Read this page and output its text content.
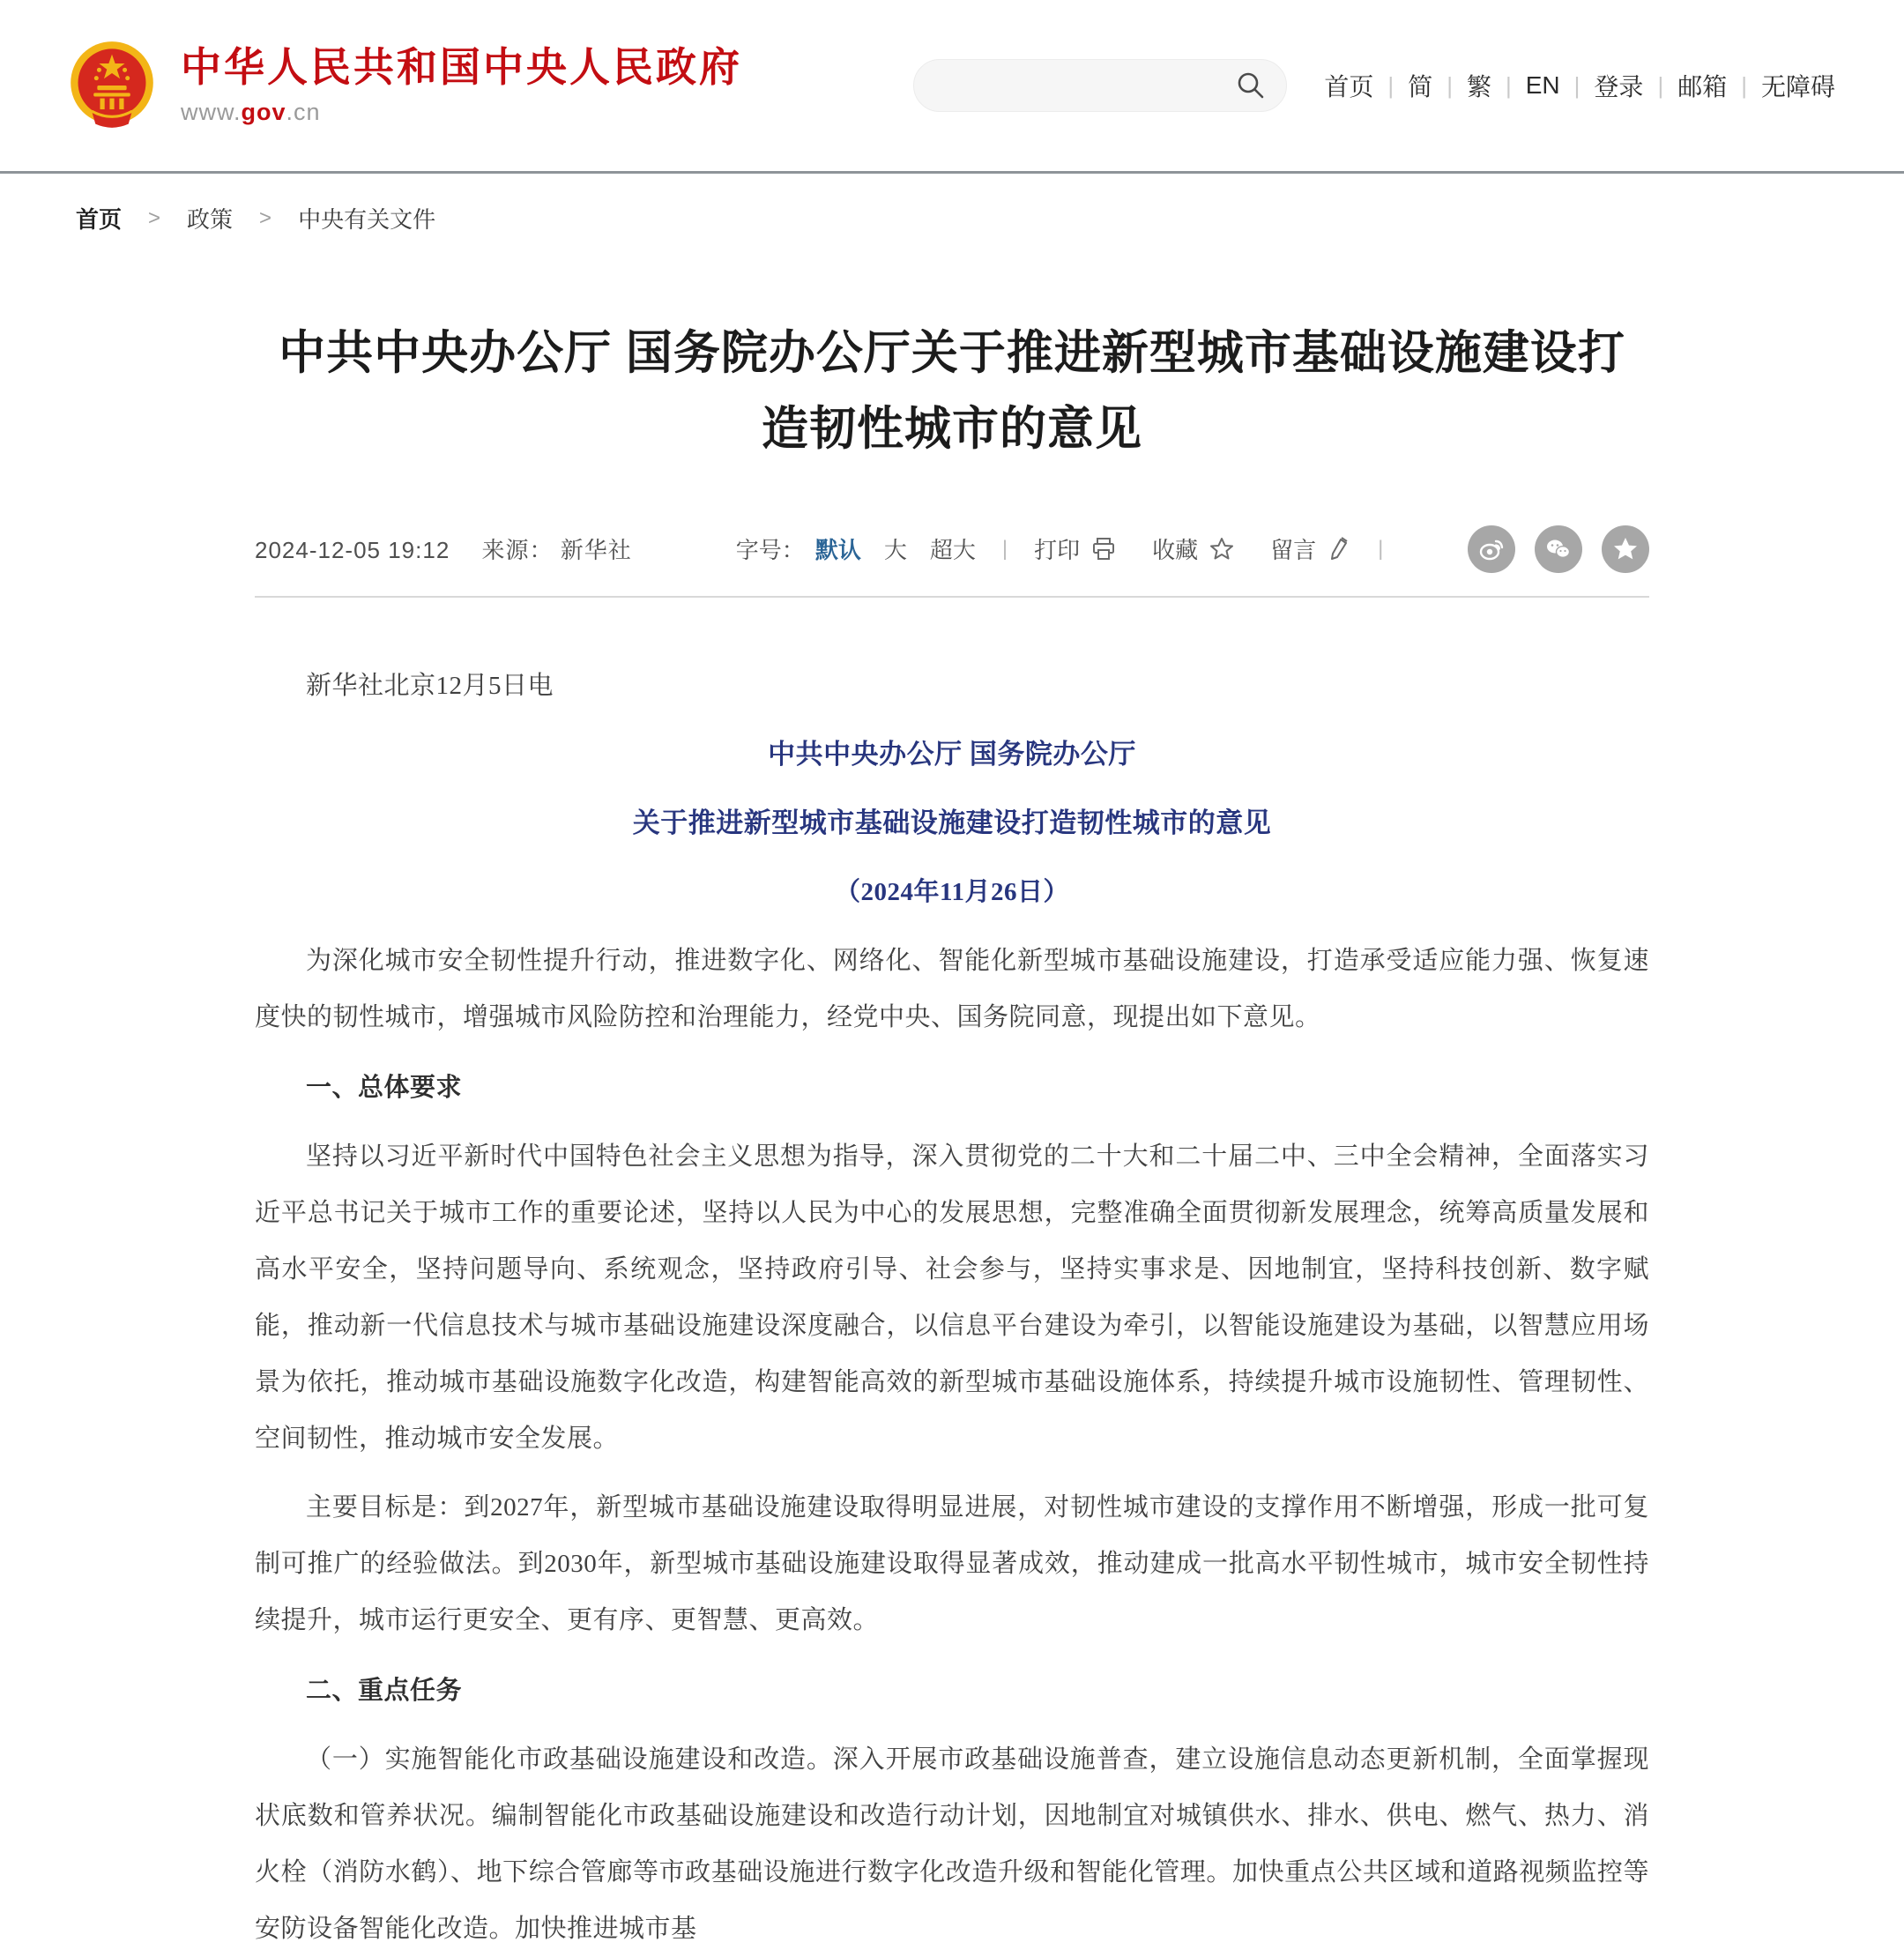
中华人民共和国中央人民政府
www.gov.cn
首页 | 简 | 繁 | EN | 登录 | 邮箱 | 无障碍
首页 > 政策 > 中央有关文件
中共中央办公厅 国务院办公厅关于推进新型城市基础设施建设打造韧性城市的意见
2024-12-05 19:12 来源： 新华社	字号： 默认 大 超大 | 打印	收藏	留言	|

新华社北京12月5日电

中共中央办公厅 国务院办公厅

关于推进新型城市基础设施建设打造韧性城市的意见

（2024年11月26日）

为深化城市安全韧性提升行动，推进数字化、网络化、智能化新型城市基础设施建设，打造承受适应能力强、恢复速度快的韧性城市，增强城市风险防控和治理能力，经党中央、国务院同意，现提出如下意见。

一、总体要求

坚持以习近平新时代中国特色社会主义思想为指导，深入贯彻党的二十大和二十届二中、三中全会精神，全面落实习近平总书记关于城市工作的重要论述，坚持以人民为中心的发展思想，完整准确全面贯彻新发展理念，统筹高质量发展和高水平安全，坚持问题导向、系统观念，坚持政府引导、社会参与，坚持实事求是、因地制宜，坚持科技创新、数字赋能，推动新一代信息技术与城市基础设施建设深度融合，以信息平台建设为牵引，以智能设施建设为基础，以智慧应用场景为依托，推动城市基础设施数字化改造，构建智能高效的新型城市基础设施体系，持续提升城市设施韧性、管理韧性、空间韧性，推动城市安全发展。

主要目标是：到2027年，新型城市基础设施建设取得明显进展，对韧性城市建设的支撑作用不断增强，形成一批可复制可推广的经验做法。到2030年，新型城市基础设施建设取得显著成效，推动建成一批高水平韧性城市，城市安全韧性持续提升，城市运行更安全、更有序、更智慧、更高效。

二、重点任务

（一）实施智能化市政基础设施建设和改造。深入开展市政基础设施普查，建立设施信息动态更新机制，全面掌握现状底数和管养状况。编制智能化市政基础设施建设和改造行动计划，因地制宜对城镇供水、排水、供电、燃气、热力、消火栓（消防水鹤）、地下综合管廊等市政基础设施进行数字化改造升级和智能化管理。加快重点公共区域和道路视频监控等安防设备智能化改造。加快推进城市基
